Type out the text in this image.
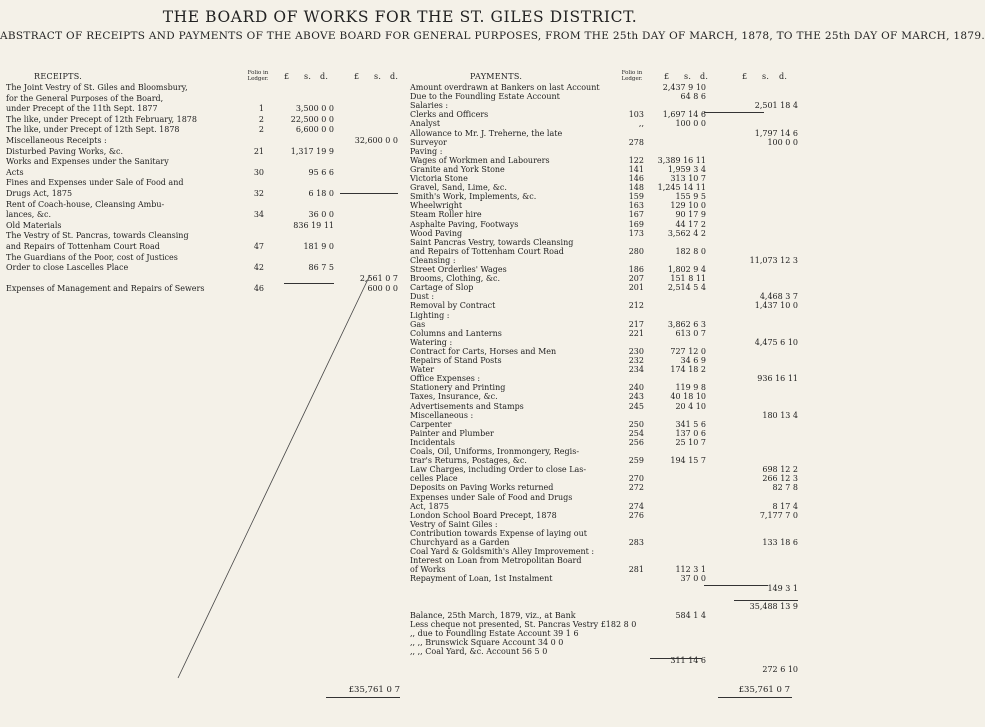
THE BOARD OF WORKS FOR THE ST. GILES DISTRICT.
ABSTRACT OF RECEIPTS AND PAYMENTS OF THE ABOVE BOARD FOR GENERAL PURPOSES, FROM THE 25th DAY OF MARCH, 1878, TO THE 25th DAY OF MARCH, 1879.
RECEIPTS.	Folio in Ledger.	£ s. d.	£ s. d.	PAYMENTS.	Folio in Ledger.	£ s. d.	£ s. d.
The Joint Vestry of St. Giles and Bloomsbury,
for the General Purposes of the Board,
under Precept of the 11th Sept. 1877	1	3,500 0 0
The like, under Precept of 12th February, 1878	2	22,500 0 0
The like, under Precept of 12th Sept. 1878	2	6,600 0 0
Miscellaneous Receipts :	32,600 0 0
Disturbed Paving Works, &c.	21	1,317 19 9
Works and Expenses under the Sanitary
Acts	30	95 6 6
Fines and Expenses under Sale of Food and
Drugs Act, 1875	32	6 18 0
Rent of Coach-house, Cleansing Ambu-
lances, &c.	34	36 0 0
Old Materials	836 19 11
The Vestry of St. Pancras, towards Cleansing
and Repairs of Tottenham Court Road	47	181 9 0
The Guardians of the Poor, cost of Justices
Order to close Lascelles Place	42	86 7 5
2,561 0 7
Expenses of Management and Repairs of Sewers	46	600 0 0
Amount overdrawn at Bankers on last Account	2,437 9 10
Due to the Foundling Estate Account	64 8 6
Salaries :	2,501 18 4
Clerks and Officers	103	1,697 14 6
Analyst	,,	100 0 0
Allowance to Mr. J. Treherne, the late	1,797 14 6
Surveyor	278	100 0 0
Paving :
Wages of Workmen and Labourers	122	3,389 16 11
Granite and York Stone	141	1,959 3 4
Victoria Stone	146	313 10 7
Gravel, Sand, Lime, &c.	148	1,245 14 11
Smith's Work, Implements, &c.	159	155 9 5
Wheelwright	163	129 10 0
Steam Roller hire	167	90 17 9
Asphalte Paving, Footways	169	44 17 2
Wood Paving	173	3,562 4 2
Saint Pancras Vestry, towards Cleansing
and Repairs of Tottenham Court Road	280	182 8 0
Cleansing :	11,073 12 3
Street Orderlies' Wages	186	1,802 9 4
Brooms, Clothing, &c.	207	151 8 11
Cartage of Slop	201	2,514 5 4
Dust :	4,468 3 7
Removal by Contract	212	1,437 10 0
Lighting :
Gas	217	3,862 6 3
Columns and Lanterns	221	613 0 7
Watering :	4,475 6 10
Contract for Carts, Horses and Men	230	727 12 0
Repairs of Stand Posts	232	34 6 9
Water	234	174 18 2
Office Expenses :	936 16 11
Stationery and Printing	240	119 9 8
Taxes, Insurance, &c.	243	40 18 10
Advertisements and Stamps	245	20 4 10
Miscellaneous :	180 13 4
Carpenter	250	341 5 6
Painter and Plumber	254	137 0 6
Incidentals	256	25 10 7
Coals, Oil, Uniforms, Ironmongery, Regis-
trar's Returns, Postages, &c.	259	194 15 7
Law Charges, including Order to close Las-	698 12 2
celles Place	270	266 12 3
Deposits on Paving Works returned	272	82 7 8
Expenses under Sale of Food and Drugs
Act, 1875	274	8 17 4
London School Board Precept, 1878	276	7,177 7 0
Vestry of Saint Giles :
Contribution towards Expense of laying out
Churchyard as a Garden	283	133 18 6
Coal Yard & Goldsmith's Alley Improvement :
Interest on Loan from Metropolitan Board
of Works	281	112 3 1
Repayment of Loan, 1st Instalment	37 0 0
149 3 1
35,488 13 9
Balance, 25th March, 1879, viz., at Bank	584 1 4
Less cheque not presented, St. Pancras Vestry £182 8 0
,, due to Foundling Estate Account 39 1 6
,, ,, Brunswick Square Account 34 0 0
,, ,, Coal Yard, &c. Account 56 5 0
311 14 6
272 6 10
£35,761 0 7	£35,761 0 7
